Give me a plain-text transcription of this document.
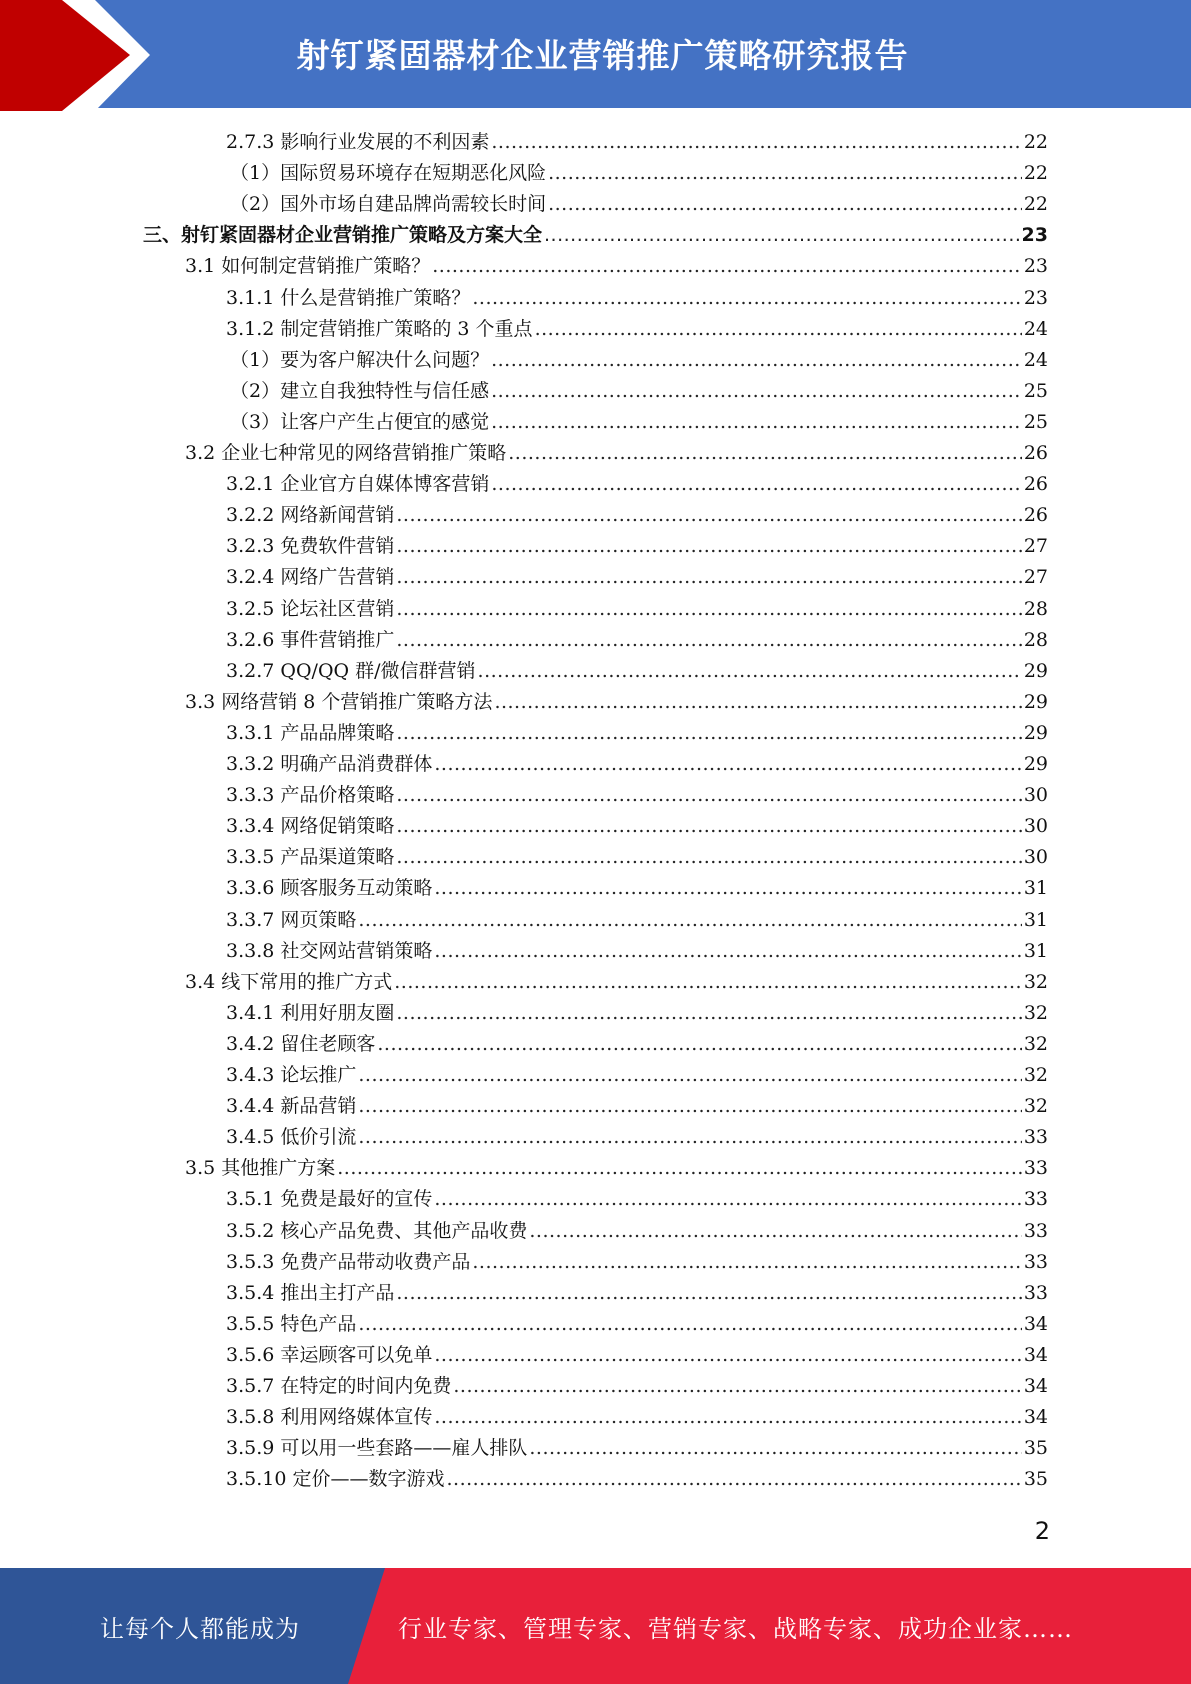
射钉紧固器材企业营销推广策略研究报告
2.7.3 影响行业发展的不利因素 .....	22
（1）国际贸易环境存在短期恶化风险 .....	22
（2）国外市场自建品牌尚需较长时间 .....	22
三、射钉紧固器材企业营销推广策略及方案大全 .....	23
3.1 如何制定营销推广策略？ .....	23
3.1.1 什么是营销推广策略？ .....	23
3.1.2 制定营销推广策略的 3 个重点 .....	24
（1）要为客户解决什么问题？ .....	24
（2）建立自我独特性与信任感 .....	25
（3）让客户产生占便宜的感觉 .....	25
3.2 企业七种常见的网络营销推广策略 .....	26
3.2.1 企业官方自媒体博客营销 .....	26
3.2.2 网络新闻营销 .....	26
3.2.3 免费软件营销 .....	27
3.2.4 网络广告营销 .....	27
3.2.5 论坛社区营销 .....	28
3.2.6 事件营销推广 .....	28
3.2.7 QQ/QQ 群/微信群营销 .....	29
3.3 网络营销 8 个营销推广策略方法 .....	29
3.3.1 产品品牌策略 .....	29
3.3.2 明确产品消费群体 .....	29
3.3.3 产品价格策略 .....	30
3.3.4 网络促销策略 .....	30
3.3.5 产品渠道策略 .....	30
3.3.6 顾客服务互动策略 .....	31
3.3.7 网页策略 .....	31
3.3.8 社交网站营销策略 .....	31
3.4 线下常用的推广方式 .....	32
3.4.1 利用好朋友圈 .....	32
3.4.2 留住老顾客 .....	32
3.4.3 论坛推广 .....	32
3.4.4 新品营销 .....	32
3.4.5 低价引流 .....	33
3.5 其他推广方案 .....	33
3.5.1 免费是最好的宣传 .....	33
3.5.2 核心产品免费、其他产品收费 .....	33
3.5.3 免费产品带动收费产品 .....	33
3.5.4 推出主打产品 .....	33
3.5.5 特色产品 .....	34
3.5.6 幸运顾客可以免单 .....	34
3.5.7 在特定的时间内免费 .....	34
3.5.8 利用网络媒体宣传 .....	34
3.5.9 可以用一些套路——雇人排队 .....	35
3.5.10 定价——数字游戏 .....	35
2
让每个人都能成为	行业专家、管理专家、营销专家、战略专家、成功企业家……
